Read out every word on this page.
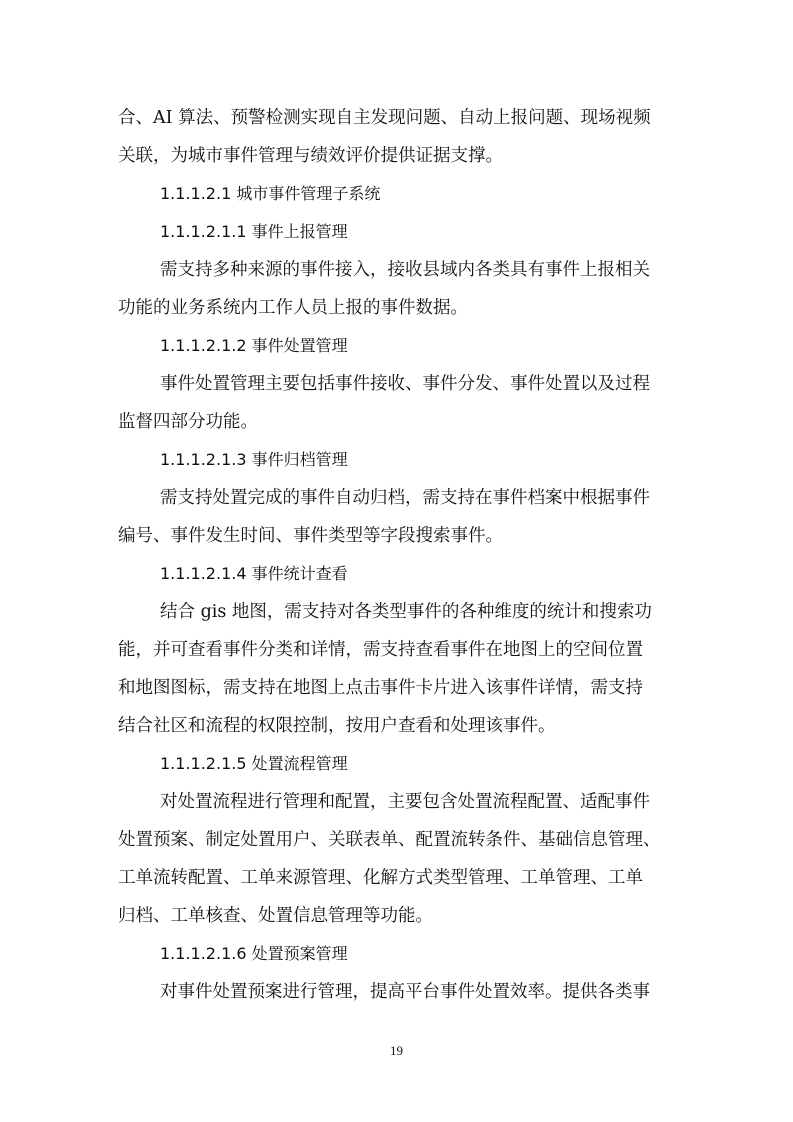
合、AI 算法、预警检测实现自主发现问题、自动上报问题、现场视频

关联，为城市事件管理与绩效评价提供证据支撑。

1.1.1.2.1 城市事件管理子系统

1.1.1.2.1.1 事件上报管理

需支持多种来源的事件接入，接收县域内各类具有事件上报相关

功能的业务系统内工作人员上报的事件数据。

1.1.1.2.1.2 事件处置管理

事件处置管理主要包括事件接收、事件分发、事件处置以及过程

监督四部分功能。

1.1.1.2.1.3 事件归档管理

需支持处置完成的事件自动归档，需支持在事件档案中根据事件

编号、事件发生时间、事件类型等字段搜索事件。

1.1.1.2.1.4 事件统计查看

结合 gis 地图，需支持对各类型事件的各种维度的统计和搜索功

能，并可查看事件分类和详情，需支持查看事件在地图上的空间位置

和地图图标，需支持在地图上点击事件卡片进入该事件详情，需支持

结合社区和流程的权限控制，按用户查看和处理该事件。

1.1.1.2.1.5 处置流程管理

对处置流程进行管理和配置，主要包含处置流程配置、适配事件

处置预案、制定处置用户、关联表单、配置流转条件、基础信息管理、

工单流转配置、工单来源管理、化解方式类型管理、工单管理、工单

归档、工单核查、处置信息管理等功能。

1.1.1.2.1.6 处置预案管理

对事件处置预案进行管理，提高平台事件处置效率。提供各类事

19
